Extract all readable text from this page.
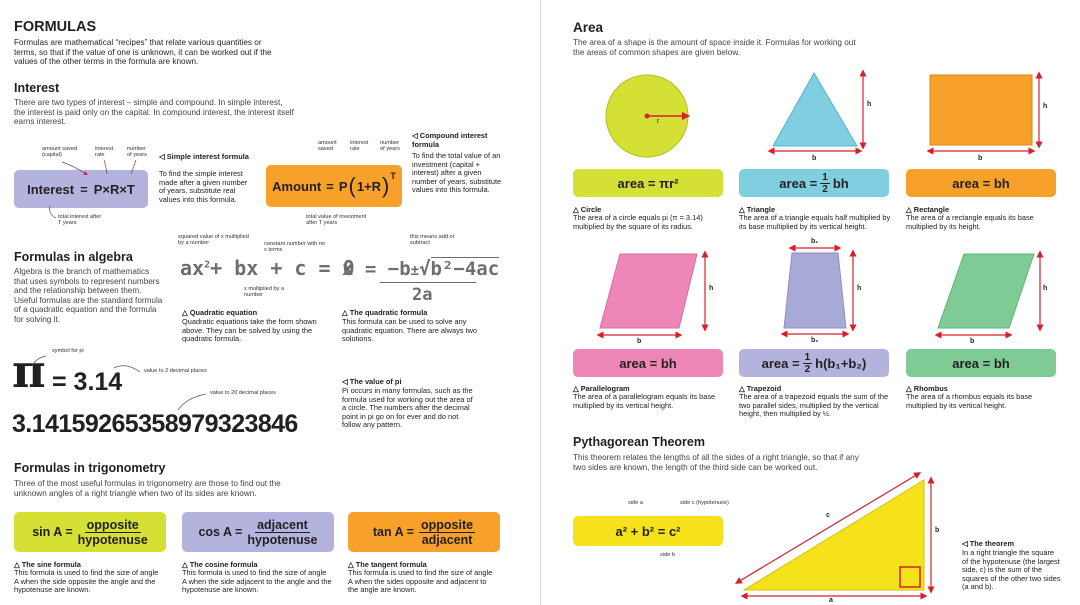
FORMULAS
Formulas are mathematical “recipes” that relate various quantities or terms, so that if the value of one is unknown, it can be worked out if the values of the other terms in the formula are known.
Interest
There are two types of interest – simple and compound. In simple interest, the interest is paid only on the capital. In compound interest, the interest itself earns interest.
amount saved (capital)
interest rate
number of years
Interest = P×R×T
total interest after T years
◁ Simple interest formula
To find the simple interest made after a given number of years, substitute real values into this formula.
amount saved
interest rate
number of years
Amount = P ( 1+R ) T
total value of investment after T years
◁ Compound interest formula
To find the total value of an investment (capital + interest) after a given number of years, substitute values into this formula.
Formulas in algebra
Algebra is the branch of mathematics that uses symbols to represent numbers and the relationship between them. Useful formulas are the standard formula of a quadratic equation and the formula for solving it.
squared value of x multiplied by a number	constant number with no x terms
$ax^2+$ bx + c = 0
x multiplied by a number
△ Quadratic equation
Quadratic equations take the form shown above. They can be solved by using the quadratic formula.
this means add or subtract
x = −b±√b²−4ac
2a
△ The quadratic formula
This formula can be used to solve any quadratic equation. There are always two solutions.
symbol for pi
π = 3.14	value to 2 decimal places
value to 20 decimal places
3.14159265358979323846
◁ The value of pi
Pi occurs in many formulas, such as the formula used for working out the area of a circle. The numbers after the decimal point in pi go on for ever and do not follow any pattern.
Formulas in trigonometry
Three of the most useful formulas in trigonometry are those to find out the unknown angles of a right triangle when two of its sides are known.
$\sin A = \frac{\text{opposite}}{\text{hypotenuse}}$
△ The sine formula
This formula is used to find the size of angle A when the side opposite the angle and the hypotenuse are known.
$\cos A = \frac{\text{adjacent}}{\text{hypotenuse}}$
△ The cosine formula
This formula is used to find the size of angle A when the side adjacent to the angle and the hypotenuse are known.
$\tan A = \frac{\text{opposite}}{\text{adjacent}}$
△ The tangent formula
This formula is used to find the size of angle A when the sides opposite and adjacent to the angle are known.
Area
The area of a shape is the amount of space inside it. Formulas for working out the areas of common shapes are given below.
r
b
h
b
h
b
h
b₁
b₂
h
b
h
area = πr²	area = $\frac{1}{2}$ bh	area = bh
△ Circle
The area of a circle equals pi (π = 3.14) multiplied by the square of its radius.
△ Triangle
The area of a triangle equals half multiplied by its base multiplied by its vertical height.
△ Rectangle
The area of a rectangle equals its base multiplied by its height.
area = bh	area = $\frac{1}{2} h(b_1+b_2)$	area = bh
△ Parallelogram
The area of a parallelogram equals its base multiplied by its vertical height.
△ Trapezoid
The area of a trapezoid equals the sum of the two parallel sides, multiplied by the vertical height, then multiplied by ½.
△ Rhombus
The area of a rhombus equals its base multiplied by its vertical height.
Pythagorean Theorem
This theorem relates the lengths of all the sides of a right triangle, so that if any two sides are known, the length of the third side can be worked out.
side a	side c (hypotenuse)
a² + b² = c²
side b
a
b
c
◁ The theorem
In a right triangle the square of the hypotenuse (the largest side, c) is the sum of the squares of the other two sides (a and b).
